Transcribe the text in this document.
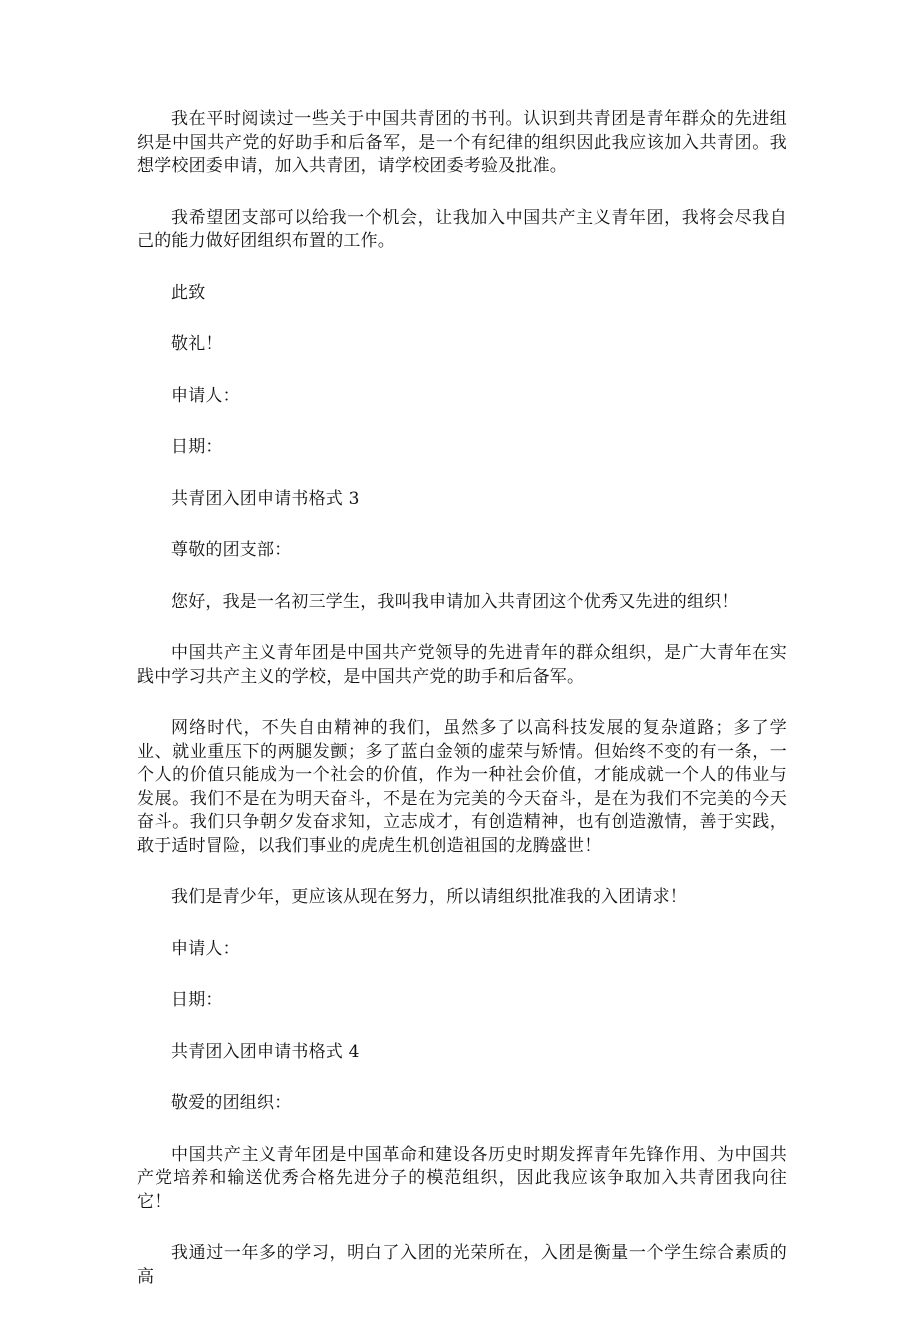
我在平时阅读过一些关于中国共青团的书刊。认识到共青团是青年群众的先进组织是中国共产党的好助手和后备军，是一个有纪律的组织因此我应该加入共青团。我想学校团委申请，加入共青团，请学校团委考验及批准。

我希望团支部可以给我一个机会，让我加入中国共产主义青年团，我将会尽我自己的能力做好团组织布置的工作。

此致

敬礼！

申请人：

日期：

共青团入团申请书格式 3

尊敬的团支部：

您好，我是一名初三学生，我叫我申请加入共青团这个优秀又先进的组织！

中国共产主义青年团是中国共产党领导的先进青年的群众组织，是广大青年在实践中学习共产主义的学校，是中国共产党的助手和后备军。

网络时代，不失自由精神的我们，虽然多了以高科技发展的复杂道路；多了学业、就业重压下的两腿发颤；多了蓝白金领的虚荣与矫情。但始终不变的有一条，一个人的价值只能成为一个社会的价值，作为一种社会价值，才能成就一个人的伟业与发展。我们不是在为明天奋斗，不是在为完美的今天奋斗，是在为我们不完美的今天奋斗。我们只争朝夕发奋求知，立志成才，有创造精神，也有创造激情，善于实践，敢于适时冒险，以我们事业的虎虎生机创造祖国的龙腾盛世！

我们是青少年，更应该从现在努力，所以请组织批准我的入团请求！

申请人：

日期：

共青团入团申请书格式 4

敬爱的团组织：

中国共产主义青年团是中国革命和建设各历史时期发挥青年先锋作用、为中国共产党培养和输送优秀合格先进分子的模范组织，因此我应该争取加入共青团我向往它！

我通过一年多的学习，明白了入团的光荣所在，入团是衡量一个学生综合素质的高
